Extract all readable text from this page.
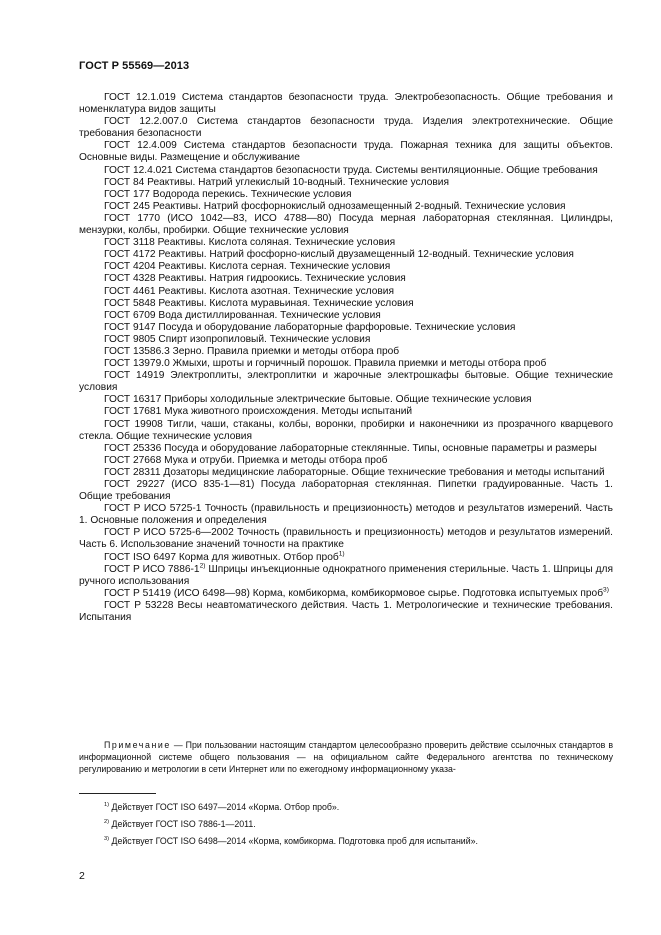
ГОСТ Р 55569—2013

ГОСТ 12.1.019 Система стандартов безопасности труда. Электробезопасность. Общие требования и номенклатура видов защиты

ГОСТ 12.2.007.0 Система стандартов безопасности труда. Изделия электротехнические. Общие требования безопасности

ГОСТ 12.4.009 Система стандартов безопасности труда. Пожарная техника для защиты объектов. Основные виды. Размещение и обслуживание

ГОСТ 12.4.021 Система стандартов безопасности труда. Системы вентиляционные. Общие требования

ГОСТ 84 Реактивы. Натрий углекислый 10-водный. Технические условия

ГОСТ 177 Водорода перекись. Технические условия

ГОСТ 245 Реактивы. Натрий фосфорнокислый однозамещенный 2-водный. Технические условия

ГОСТ 1770 (ИСО 1042—83, ИСО 4788—80) Посуда мерная лабораторная стеклянная. Цилиндры, мензурки, колбы, пробирки. Общие технические условия

ГОСТ 3118 Реактивы. Кислота соляная. Технические условия

ГОСТ 4172 Реактивы. Натрий фосфорно-кислый двузамещенный 12-водный. Технические условия

ГОСТ 4204 Реактивы. Кислота серная. Технические условия

ГОСТ 4328 Реактивы. Натрия гидроокись. Технические условия

ГОСТ 4461 Реактивы. Кислота азотная. Технические условия

ГОСТ 5848 Реактивы. Кислота муравьиная. Технические условия

ГОСТ 6709 Вода дистиллированная. Технические условия

ГОСТ 9147 Посуда и оборудование лабораторные фарфоровые. Технические условия

ГОСТ 9805 Спирт изопропиловый. Технические условия

ГОСТ 13586.3 Зерно. Правила приемки и методы отбора проб

ГОСТ 13979.0 Жмыхи, шроты и горчичный порошок. Правила приемки и методы отбора проб

ГОСТ 14919 Электроплиты, электроплитки и жарочные электрошкафы бытовые. Общие технические условия

ГОСТ 16317 Приборы холодильные электрические бытовые. Общие технические условия

ГОСТ 17681 Мука животного происхождения. Методы испытаний

ГОСТ 19908 Тигли, чаши, стаканы, колбы, воронки, пробирки и наконечники из прозрачного кварцевого стекла. Общие технические условия

ГОСТ 25336 Посуда и оборудование лабораторные стеклянные. Типы, основные параметры и размеры

ГОСТ 27668 Мука и отруби. Приемка и методы отбора проб

ГОСТ 28311 Дозаторы медицинские лабораторные. Общие технические требования и методы испытаний

ГОСТ 29227 (ИСО 835-1—81) Посуда лабораторная стеклянная. Пипетки градуированные. Часть 1. Общие требования

ГОСТ Р ИСО 5725-1 Точность (правильность и прецизионность) методов и результатов измерений. Часть 1. Основные положения и определения

ГОСТ Р ИСО 5725-6—2002 Точность (правильность и прецизионность) методов и результатов измерений. Часть 6. Использование значений точности на практике

ГОСТ ISO 6497 Корма для животных. Отбор проб$^{1)}$

ГОСТ Р ИСО 7886-1$^{2)}$ Шприцы инъекционные однократного применения стерильные. Часть 1. Шприцы для ручного использования

ГОСТ Р 51419 (ИСО 6498—98) Корма, комбикорма, комбикормовое сырье. Подготовка испытуемых проб$^{3)}$

ГОСТ Р 53228 Весы неавтоматического действия. Часть 1. Метрологические и технические требования. Испытания

Примечание — При пользовании настоящим стандартом целесообразно проверить действие ссылочных стандартов в информационной системе общего пользования — на официальном сайте Федерального агентства по техническому регулированию и метрологии в сети Интернет или по ежегодному информационному указа-

$^{1)}$ Действует ГОСТ ISO 6497—2014 «Корма. Отбор проб».

$^{2)}$ Действует ГОСТ ISO 7886-1—2011.

$^{3)}$ Действует ГОСТ ISO 6498—2014 «Корма, комбикорма. Подготовка проб для испытаний».

2
